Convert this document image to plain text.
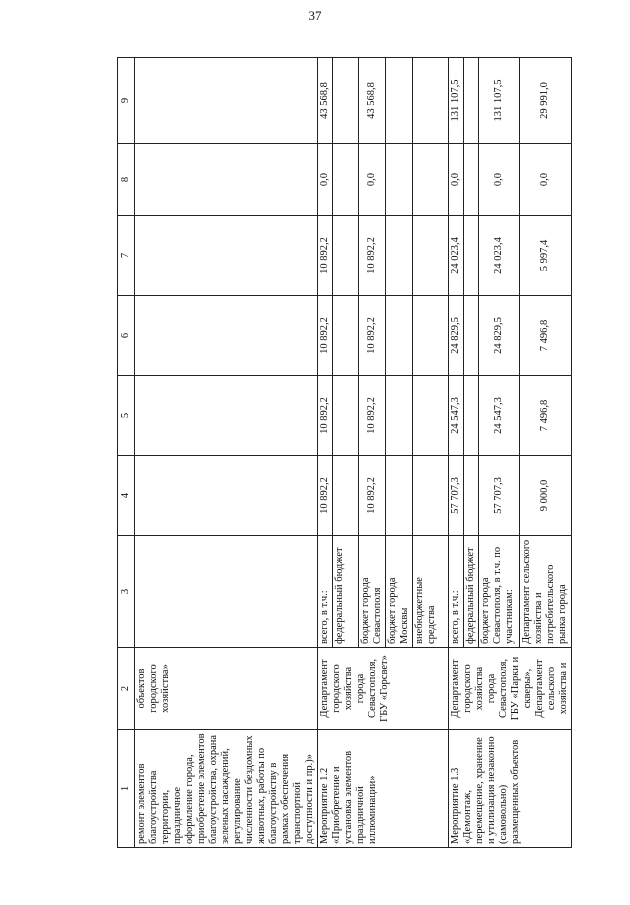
37
1	2	3	4	5	6	7	8	9
ремонт элементов благоустройства территории, праздничное оформление города, приобретение элементов благоустройства, охрана зеленых насаждений, регулирование численности бездомных животных, работы по благоустройству в рамках обеспечения транспортной доступности и пр.)»	объектов городского хозяйства»							
Мероприятие 1.2 «Приобретение и установка элементов праздничной иллюминации»	Департамент городского хозяйства города Севастополя, ГБУ «Горсвет»	всего, в т.ч.:	10 892,2	10 892,2	10 892,2	10 892,2	0,0	43 568,8
		федеральный бюджет						
		бюджет города Севастополя	10 892,2	10 892,2	10 892,2	10 892,2	0,0	43 568,8
		бюджет города Москвы						
		внебюджетные средства						
Мероприятие 1.3 «Демонтаж, перемещение, хранение и утилизация незаконно (самовольно) размещенных объектов	Департамент городского хозяйства города Севастополя, ГБУ «Парки и скверы», Департамент сельского хозяйства и	всего, в т.ч.:	57 707,3	24 547,3	24 829,5	24 023,4	0,0	131 107,5
		федеральный бюджет						
		бюджет города Севастополя, в т.ч. по участникам:	57 707,3	24 547,3	24 829,5	24 023,4	0,0	131 107,5
		Департамент сельского хозяйства и потребительского рынка города	9 000,0	7 496,8	7 496,8	5 997,4	0,0	29 991,0
